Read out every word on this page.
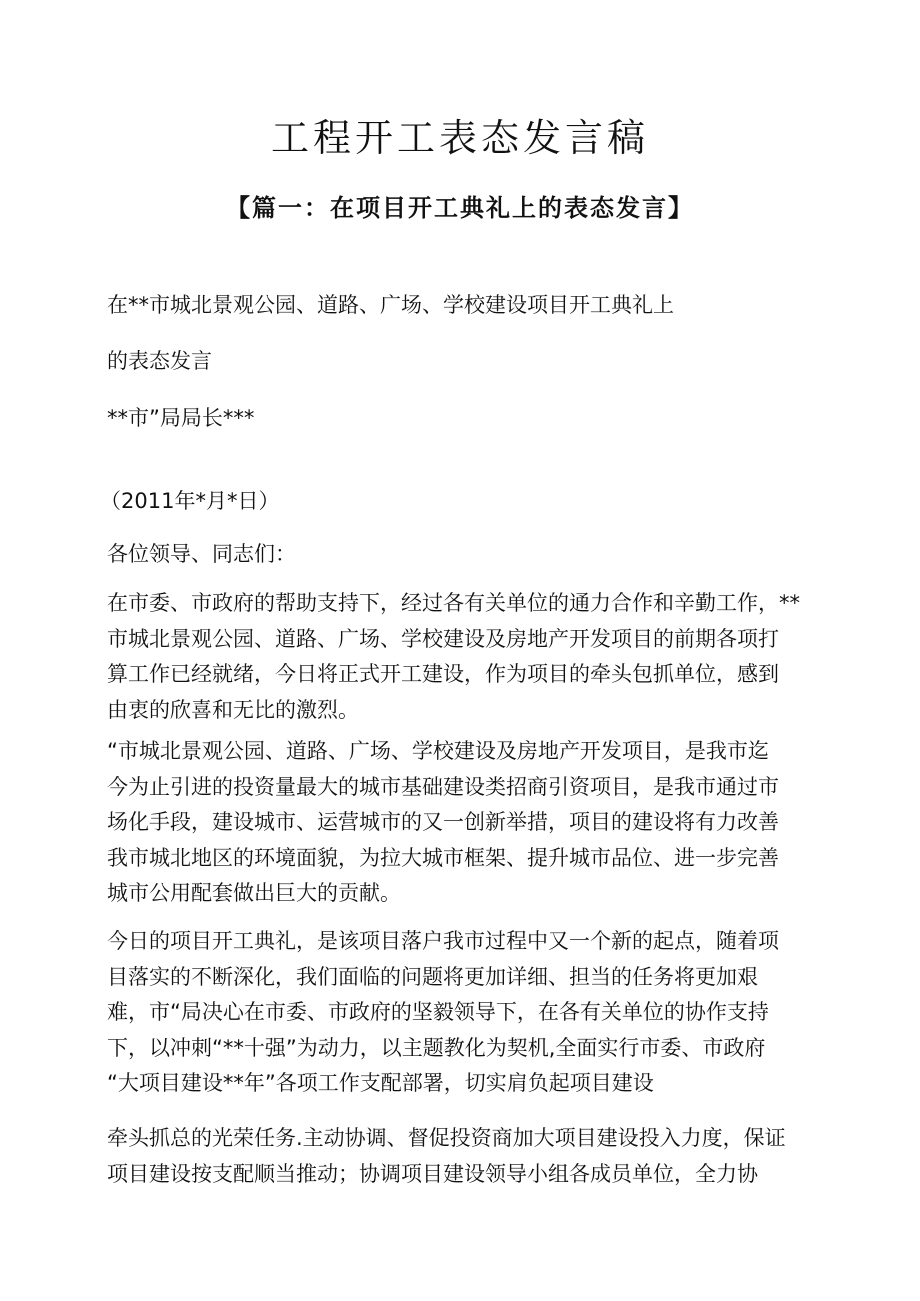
工程开工表态发言稿
【篇一：在项目开工典礼上的表态发言】

在**市城北景观公园、道路、广场、学校建设项目开工典礼上

的表态发言

**市”局局长***

（2011年*月*日）

各位领导、同志们：

在市委、市政府的帮助支持下，经过各有关单位的通力合作和辛勤工作，**
市城北景观公园、道路、广场、学校建设及房地产开发项目的前期各项打
算工作已经就绪，今日将正式开工建设，作为项目的牵头包抓单位，感到
由衷的欣喜和无比的激烈。
“市城北景观公园、道路、广场、学校建设及房地产开发项目，是我市迄
今为止引进的投资量最大的城市基础建设类招商引资项目，是我市通过市
场化手段，建设城市、运营城市的又一创新举措，项目的建设将有力改善
我市城北地区的环境面貌，为拉大城市框架、提升城市品位、进一步完善
城市公用配套做出巨大的贡献。
今日的项目开工典礼，是该项目落户我市过程中又一个新的起点，随着项
目落实的不断深化，我们面临的问题将更加详细、担当的任务将更加艰
难，市“局决心在市委、市政府的坚毅领导下，在各有关单位的协作支持
下，以冲刺“**十强”为动力，以主题教化为契机,全面实行市委、市政府
“大项目建设**年”各项工作支配部署，切实肩负起项目建设
牵头抓总的光荣任务.主动协调、督促投资商加大项目建设投入力度，保证
项目建设按支配顺当推动；协调项目建设领导小组各成员单位，全力协
